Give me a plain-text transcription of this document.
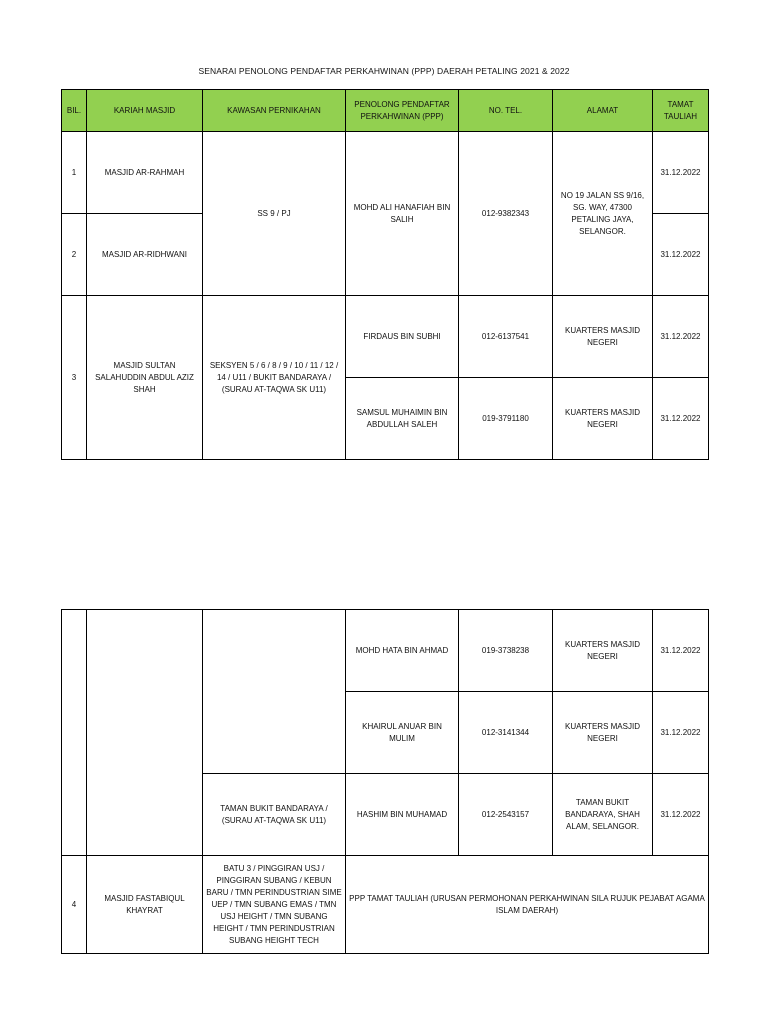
SENARAI PENOLONG PENDAFTAR PERKAHWINAN (PPP) DAERAH PETALING 2021 & 2022
BIL.	KARIAH MASJID	KAWASAN PERNIKAHAN	PENOLONG PENDAFTAR PERKAHWINAN (PPP)	NO. TEL.	ALAMAT	TAMAT TAULIAH
1	MASJID AR-RAHMAH	SS 9 / PJ	MOHD ALI HANAFIAH BIN SALIH	012-9382343	NO 19 JALAN SS 9/16, SG. WAY, 47300 PETALING JAYA, SELANGOR.	31.12.2022
2	MASJID AR-RIDHWANI					31.12.2022
3	MASJID SULTAN SALAHUDDIN ABDUL AZIZ SHAH	SEKSYEN 5 / 6 / 8 / 9 / 10 / 11 / 12 / 14 / U11 / BUKIT BANDARAYA / (SURAU AT-TAQWA SK U11)	FIRDAUS BIN SUBHI	012-6137541	KUARTERS MASJID NEGERI	31.12.2022
			SAMSUL MUHAIMIN BIN ABDULLAH SALEH	019-3791180	KUARTERS MASJID NEGERI	31.12.2022
			MOHD HATA BIN AHMAD	019-3738238	KUARTERS MASJID NEGERI	31.12.2022
			KHAIRUL ANUAR BIN MULIM	012-3141344	KUARTERS MASJID NEGERI	31.12.2022
		TAMAN BUKIT BANDARAYA / (SURAU AT-TAQWA SK U11)	HASHIM BIN MUHAMAD	012-2543157	TAMAN BUKIT BANDARAYA, SHAH ALAM, SELANGOR.	31.12.2022
4	MASJID FASTABIQUL KHAYRAT	BATU 3 / PINGGIRAN USJ / PINGGIRAN SUBANG / KEBUN BARU / TMN PERINDUSTRIAN SIME UEP / TMN SUBANG EMAS / TMN USJ HEIGHT / TMN SUBANG HEIGHT / TMN PERINDUSTRIAN SUBANG HEIGHT TECH	PPP TAMAT TAULIAH (URUSAN PERMOHONAN PERKAHWINAN SILA RUJUK PEJABAT AGAMA ISLAM DAERAH)			
